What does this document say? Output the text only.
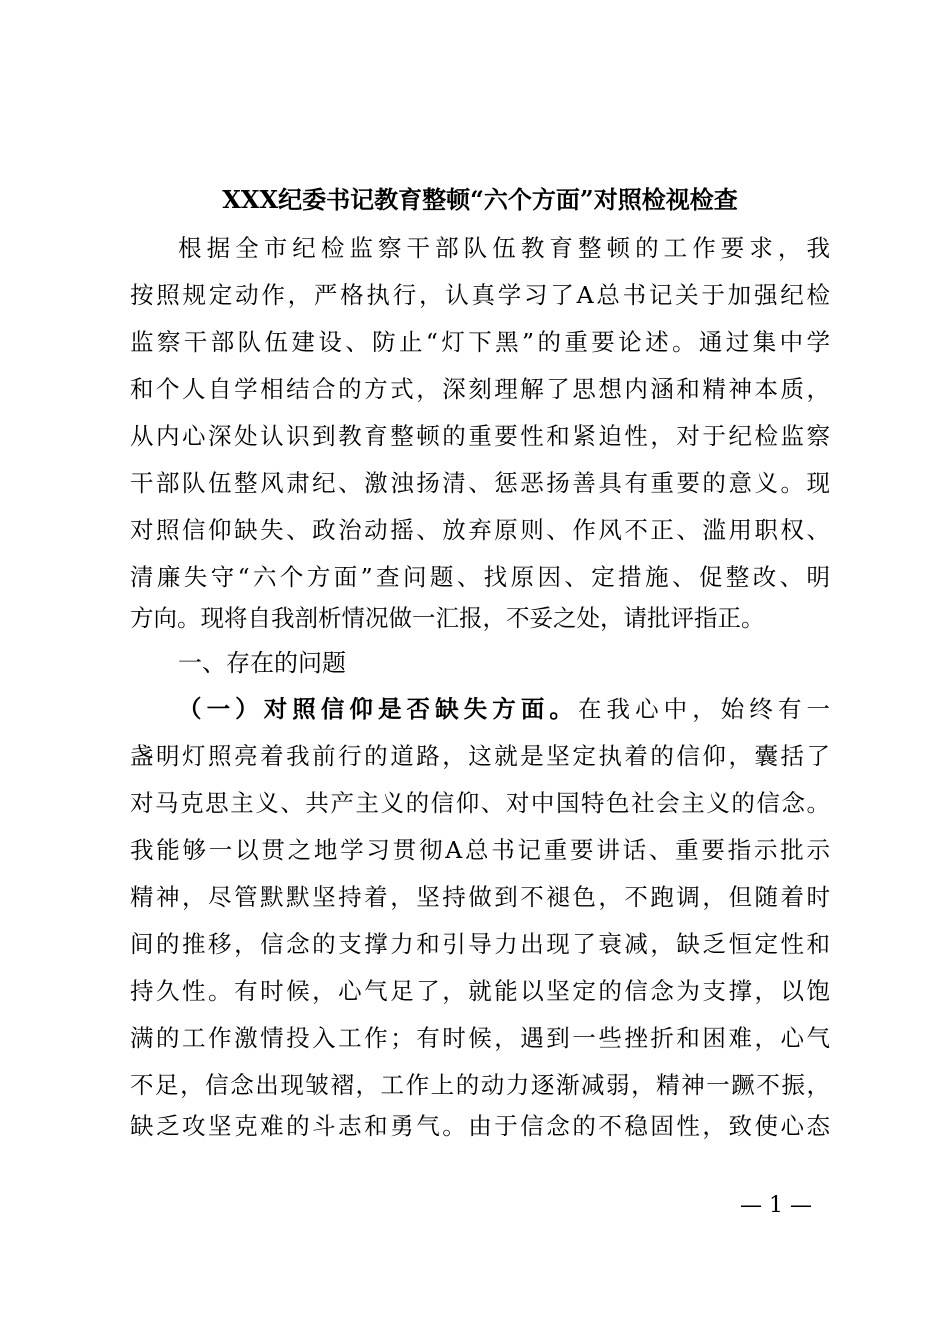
XXX纪委书记教育整顿“六个方面”对照检视检查
根据全市纪检监察干部队伍教育整顿的工作要求，我
按照规定动作，严格执行，认真学习了A总书记关于加强纪检
监察干部队伍建设、防止“灯下黑”的重要论述。通过集中学
和个人自学相结合的方式，深刻理解了思想内涵和精神本质，
从内心深处认识到教育整顿的重要性和紧迫性，对于纪检监察
干部队伍整风肃纪、激浊扬清、惩恶扬善具有重要的意义。现
对照信仰缺失、政治动摇、放弃原则、作风不正、滥用职权、
清廉失守“六个方面”查问题、找原因、定措施、促整改、明
方向。现将自我剖析情况做一汇报，不妥之处，请批评指正。
一、存在的问题
（一）对照信仰是否缺失方面。在我心中，始终有一
盏明灯照亮着我前行的道路，这就是坚定执着的信仰，囊括了
对马克思主义、共产主义的信仰、对中国特色社会主义的信念。
我能够一以贯之地学习贯彻A总书记重要讲话、重要指示批示
精神，尽管默默坚持着，坚持做到不褪色，不跑调，但随着时
间的推移，信念的支撑力和引导力出现了衰减，缺乏恒定性和
持久性。有时候，心气足了，就能以坚定的信念为支撑，以饱
满的工作激情投入工作；有时候，遇到一些挫折和困难，心气
不足，信念出现皱褶，工作上的动力逐渐减弱，精神一蹶不振，
缺乏攻坚克难的斗志和勇气。由于信念的不稳固性，致使心态
— 1 —
